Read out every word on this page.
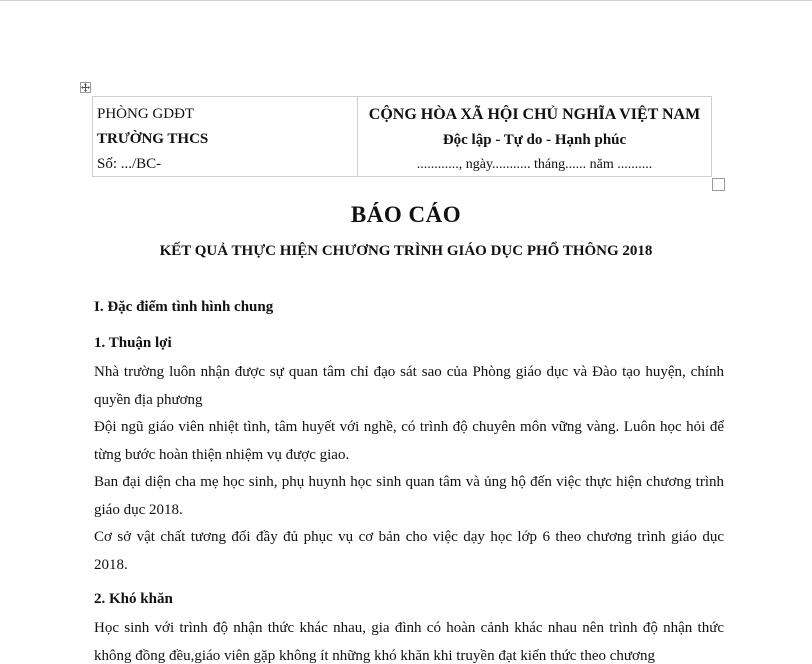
PHÒNG GDĐT
TRƯỜNG THCS
Số: .../BC-
CỘNG HÒA XÃ HỘI CHỦ NGHĨA VIỆT NAM
Độc lập - Tự do - Hạnh phúc
............, ngày........... tháng...... năm ..........
BÁO CÁO
KẾT QUẢ THỰC HIỆN CHƯƠNG TRÌNH GIÁO DỤC PHỔ THÔNG 2018
I. Đặc điểm tình hình chung
1. Thuận lợi

Nhà trường luôn nhận được sự quan tâm chỉ đạo sát sao của Phòng giáo dục và Đào tạo huyện, chính quyền địa phương

Đội ngũ giáo viên nhiệt tình, tâm huyết với nghề, có trình độ chuyên môn vững vàng. Luôn học hỏi để từng bước hoàn thiện nhiệm vụ được giao.

Ban đại diện cha mẹ học sinh, phụ huynh học sinh quan tâm và ủng hộ đến việc thực hiện chương trình giáo dục 2018.

Cơ sở vật chất tương đối đầy đủ phục vụ cơ bản cho việc dạy học lớp 6 theo chương trình giáo dục 2018.

2. Khó khăn

Học sinh với trình độ nhận thức khác nhau, gia đình có hoàn cảnh khác nhau nên trình độ nhận thức không đồng đều,giáo viên gặp không ít những khó khăn khi truyền đạt kiến thức theo chương
